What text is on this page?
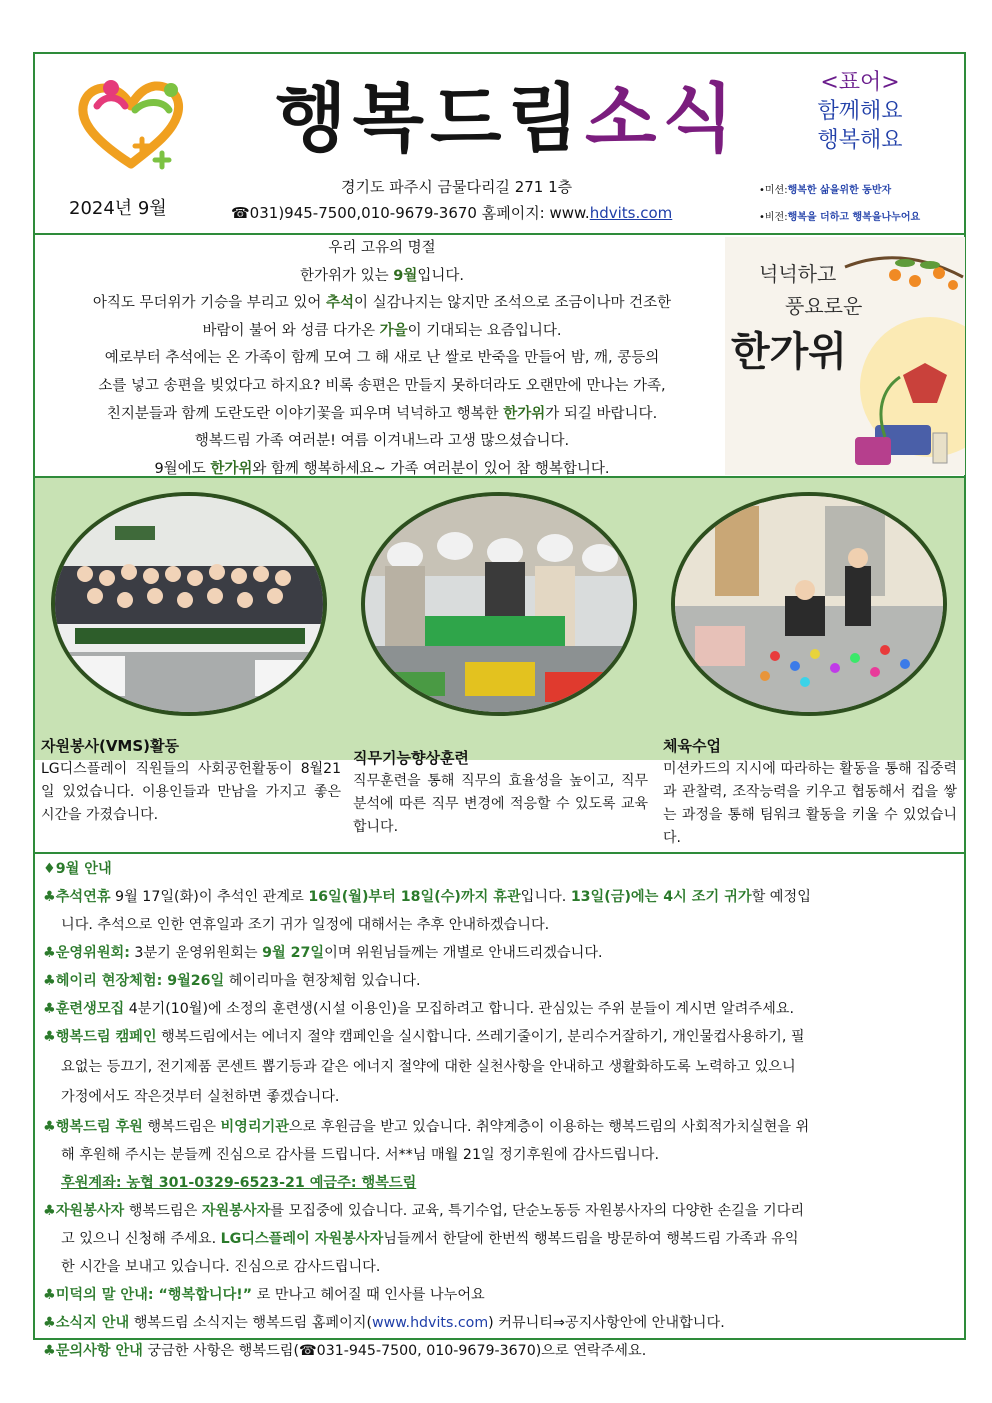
행복드림소식	<표어>
함께해요
행복해요
2024년 9월
경기도 파주시 금물다리길 271 1층
☎031)945-7500,010-9679-3670 홈페이지: www.hdvits.com
•미션:행복한 삶을위한 동반자
•비전:행복을 더하고 행복을나누어요
우리 고유의 명절
한가위가 있는 9월입니다.
아직도 무더위가 기승을 부리고 있어 추석이 실감나지는 않지만 조석으로 조금이나마 건조한
바람이 불어 와 성큼 다가온 가을이 기대되는 요즘입니다.
예로부터 추석에는 온 가족이 함께 모여 그 해 새로 난 쌀로 반죽을 만들어 밤, 깨, 콩등의
소를 넣고 송편을 빚었다고 하지요? 비록 송편은 만들지 못하더라도 오랜만에 만나는 가족,
친지분들과 함께 도란도란 이야기꽃을 피우며 넉넉하고 행복한 한가위가 되길 바랍니다.
행복드림 가족 여러분! 여름 이겨내느라 고생 많으셨습니다.
9월에도 한가위와 함께 행복하세요~ 가족 여러분이 있어 참 행복합니다.
넉넉하고
풍요로운
한가위
자원봉사(VMS)활동

LG디스플레이 직원들의 사회공헌활동이 8월21일 있었습니다. 이용인들과 만남을 가지고 좋은 시간을 가졌습니다.

직무기능향상훈련

직무훈련을 통해 직무의 효율성을 높이고, 직무분석에 따른 직무 변경에 적응할 수 있도록 교육합니다.

체육수업

미션카드의 지시에 따라하는 활동을 통해 집중력과 관찰력, 조작능력을 키우고 협동해서 컵을 쌓는 과정을 통해 팀워크 활동을 키울 수 있었습니다.

♦9월 안내
♣추석연휴 9월 17일(화)이 추석인 관계로 16일(월)부터 18일(수)까지 휴관입니다. 13일(금)에는 4시 조기 귀가할 예정입
니다. 추석으로 인한 연휴일과 조기 귀가 일정에 대해서는 추후 안내하겠습니다.
♣운영위원회: 3분기 운영위원회는 9월 27일이며 위원님들께는 개별로 안내드리겠습니다.
♣헤이리 현장체험: 9월26일 헤이리마을 현장체험 있습니다.
♣훈련생모집 4분기(10월)에 소정의 훈련생(시설 이용인)을 모집하려고 합니다. 관심있는 주위 분들이 계시면 알려주세요.
♣행복드림 캠페인 행복드림에서는 에너지 절약 캠페인을 실시합니다. 쓰레기줄이기, 분리수거잘하기, 개인물컵사용하기, 필
요없는 등끄기, 전기제품 콘센트 뽑기등과 같은 에너지 절약에 대한 실천사항을 안내하고 생활화하도록 노력하고 있으니
가정에서도 작은것부터 실천하면 좋겠습니다.
♣행복드림 후원 행복드림은 비영리기관으로 후원금을 받고 있습니다. 취약계층이 이용하는 행복드림의 사회적가치실현을 위
해 후원해 주시는 분들께 진심으로 감사를 드립니다. 서**님 매월 21일 정기후원에 감사드립니다.
후원계좌: 농협 301-0329-6523-21 예금주: 행복드림
♣자원봉사자 행복드림은 자원봉사자를 모집중에 있습니다. 교육, 특기수업, 단순노동등 자원봉사자의 다양한 손길을 기다리
고 있으니 신청해 주세요. LG디스플레이 자원봉사자님들께서 한달에 한번씩 행복드림을 방문하여 행복드림 가족과 유익
한 시간을 보내고 있습니다. 진심으로 감사드립니다.
♣미덕의 말 안내: “행복합니다!” 로 만나고 헤어질 때 인사를 나누어요
♣소식지 안내 행복드림 소식지는 행복드림 홈페이지(www.hdvits.com) 커뮤니티⇒공지사항안에 안내합니다.
♣문의사항 안내 궁금한 사항은 행복드림(☎031-945-7500, 010-9679-3670)으로 연락주세요.
